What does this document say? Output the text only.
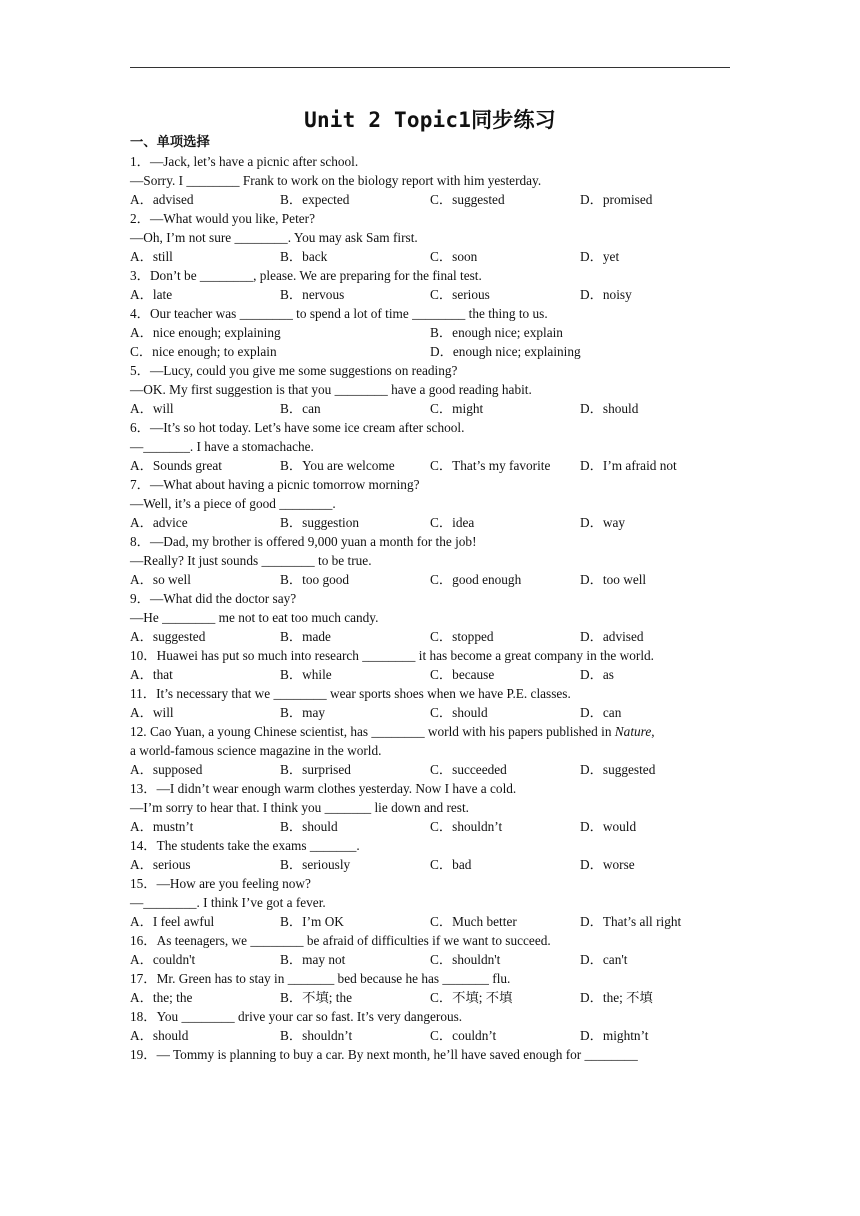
Unit 2 Topic1同步练习
一、单项选择
1．—Jack, let’s have a picnic after school.
—Sorry. I ________ Frank to work on the biology report with him yesterday.
A．advised	B．expected	C．suggested	D．promised
2．—What would you like, Peter?
—Oh, I’m not sure ________. You may ask Sam first.
A．still	B．back	C．soon	D．yet
3．Don’t be ________, please. We are preparing for the final test.
A．late	B．nervous	C．serious	D．noisy
4．Our teacher was ________ to spend a lot of time ________ the thing to us.
A．nice enough; explaining	B．enough nice; explain
C．nice enough; to explain	D．enough nice; explaining
5．—Lucy, could you give me some suggestions on reading?
—OK. My first suggestion is that you ________ have a good reading habit.
A．will	B．can	C．might	D．should
6．—It’s so hot today. Let’s have some ice cream after school.
—_______. I have a stomachache.
A．Sounds great	B．You are welcome	C．That’s my favorite D．I’m afraid not
7．—What about having a picnic tomorrow morning?
—Well, it’s a piece of good ________.
A．advice	B．suggestion	C．idea	D．way
8．—Dad, my brother is offered 9,000 yuan a month for the job!
—Really? It just sounds ________ to be true.
A．so well	B．too good	C．good enough	D．too well
9．—What did the doctor say?
—He ________ me not to eat too much candy.
A．suggested	B．made	C．stopped	D．advised
10．Huawei has put so much into research ________ it has become a great company in the world.
A．that	B．while	C．because	D．as
11．It’s necessary that we ________ wear sports shoes when we have P.E. classes.
A．will	B．may	C．should	D．can
12. Cao Yuan, a young Chinese scientist, has ________ world with his papers published in Nature,
a world-famous science magazine in the world.
A．supposed	B．surprised	C．succeeded	D．suggested
13．—I didn’t wear enough warm clothes yesterday. Now I have a cold.
—I’m sorry to hear that. I think you _______ lie down and rest.
A．mustn’t	B．should	C．shouldn’t	D．would
14．The students take the exams _______.
A．serious	B．seriously	C．bad	D．worse
15．—How are you feeling now?
—________. I think I’ve got a fever.
A．I feel awful	B．I’m OK	C．Much better	D．That’s all right
16．As teenagers, we ________ be afraid of difficulties if we want to succeed.
A．couldn't	B．may not	C．shouldn't	D．can't
17．Mr. Green has to stay in _______ bed because he has _______ flu.
A．the; the	B．不填; the	C．不填; 不填	D．the; 不填
18．You ________ drive your car so fast. It’s very dangerous.
A．should	B．shouldn’t	C．couldn’t	D．mightn’t
19．— Tommy is planning to buy a car. By next month, he’ll have saved enough for ________
